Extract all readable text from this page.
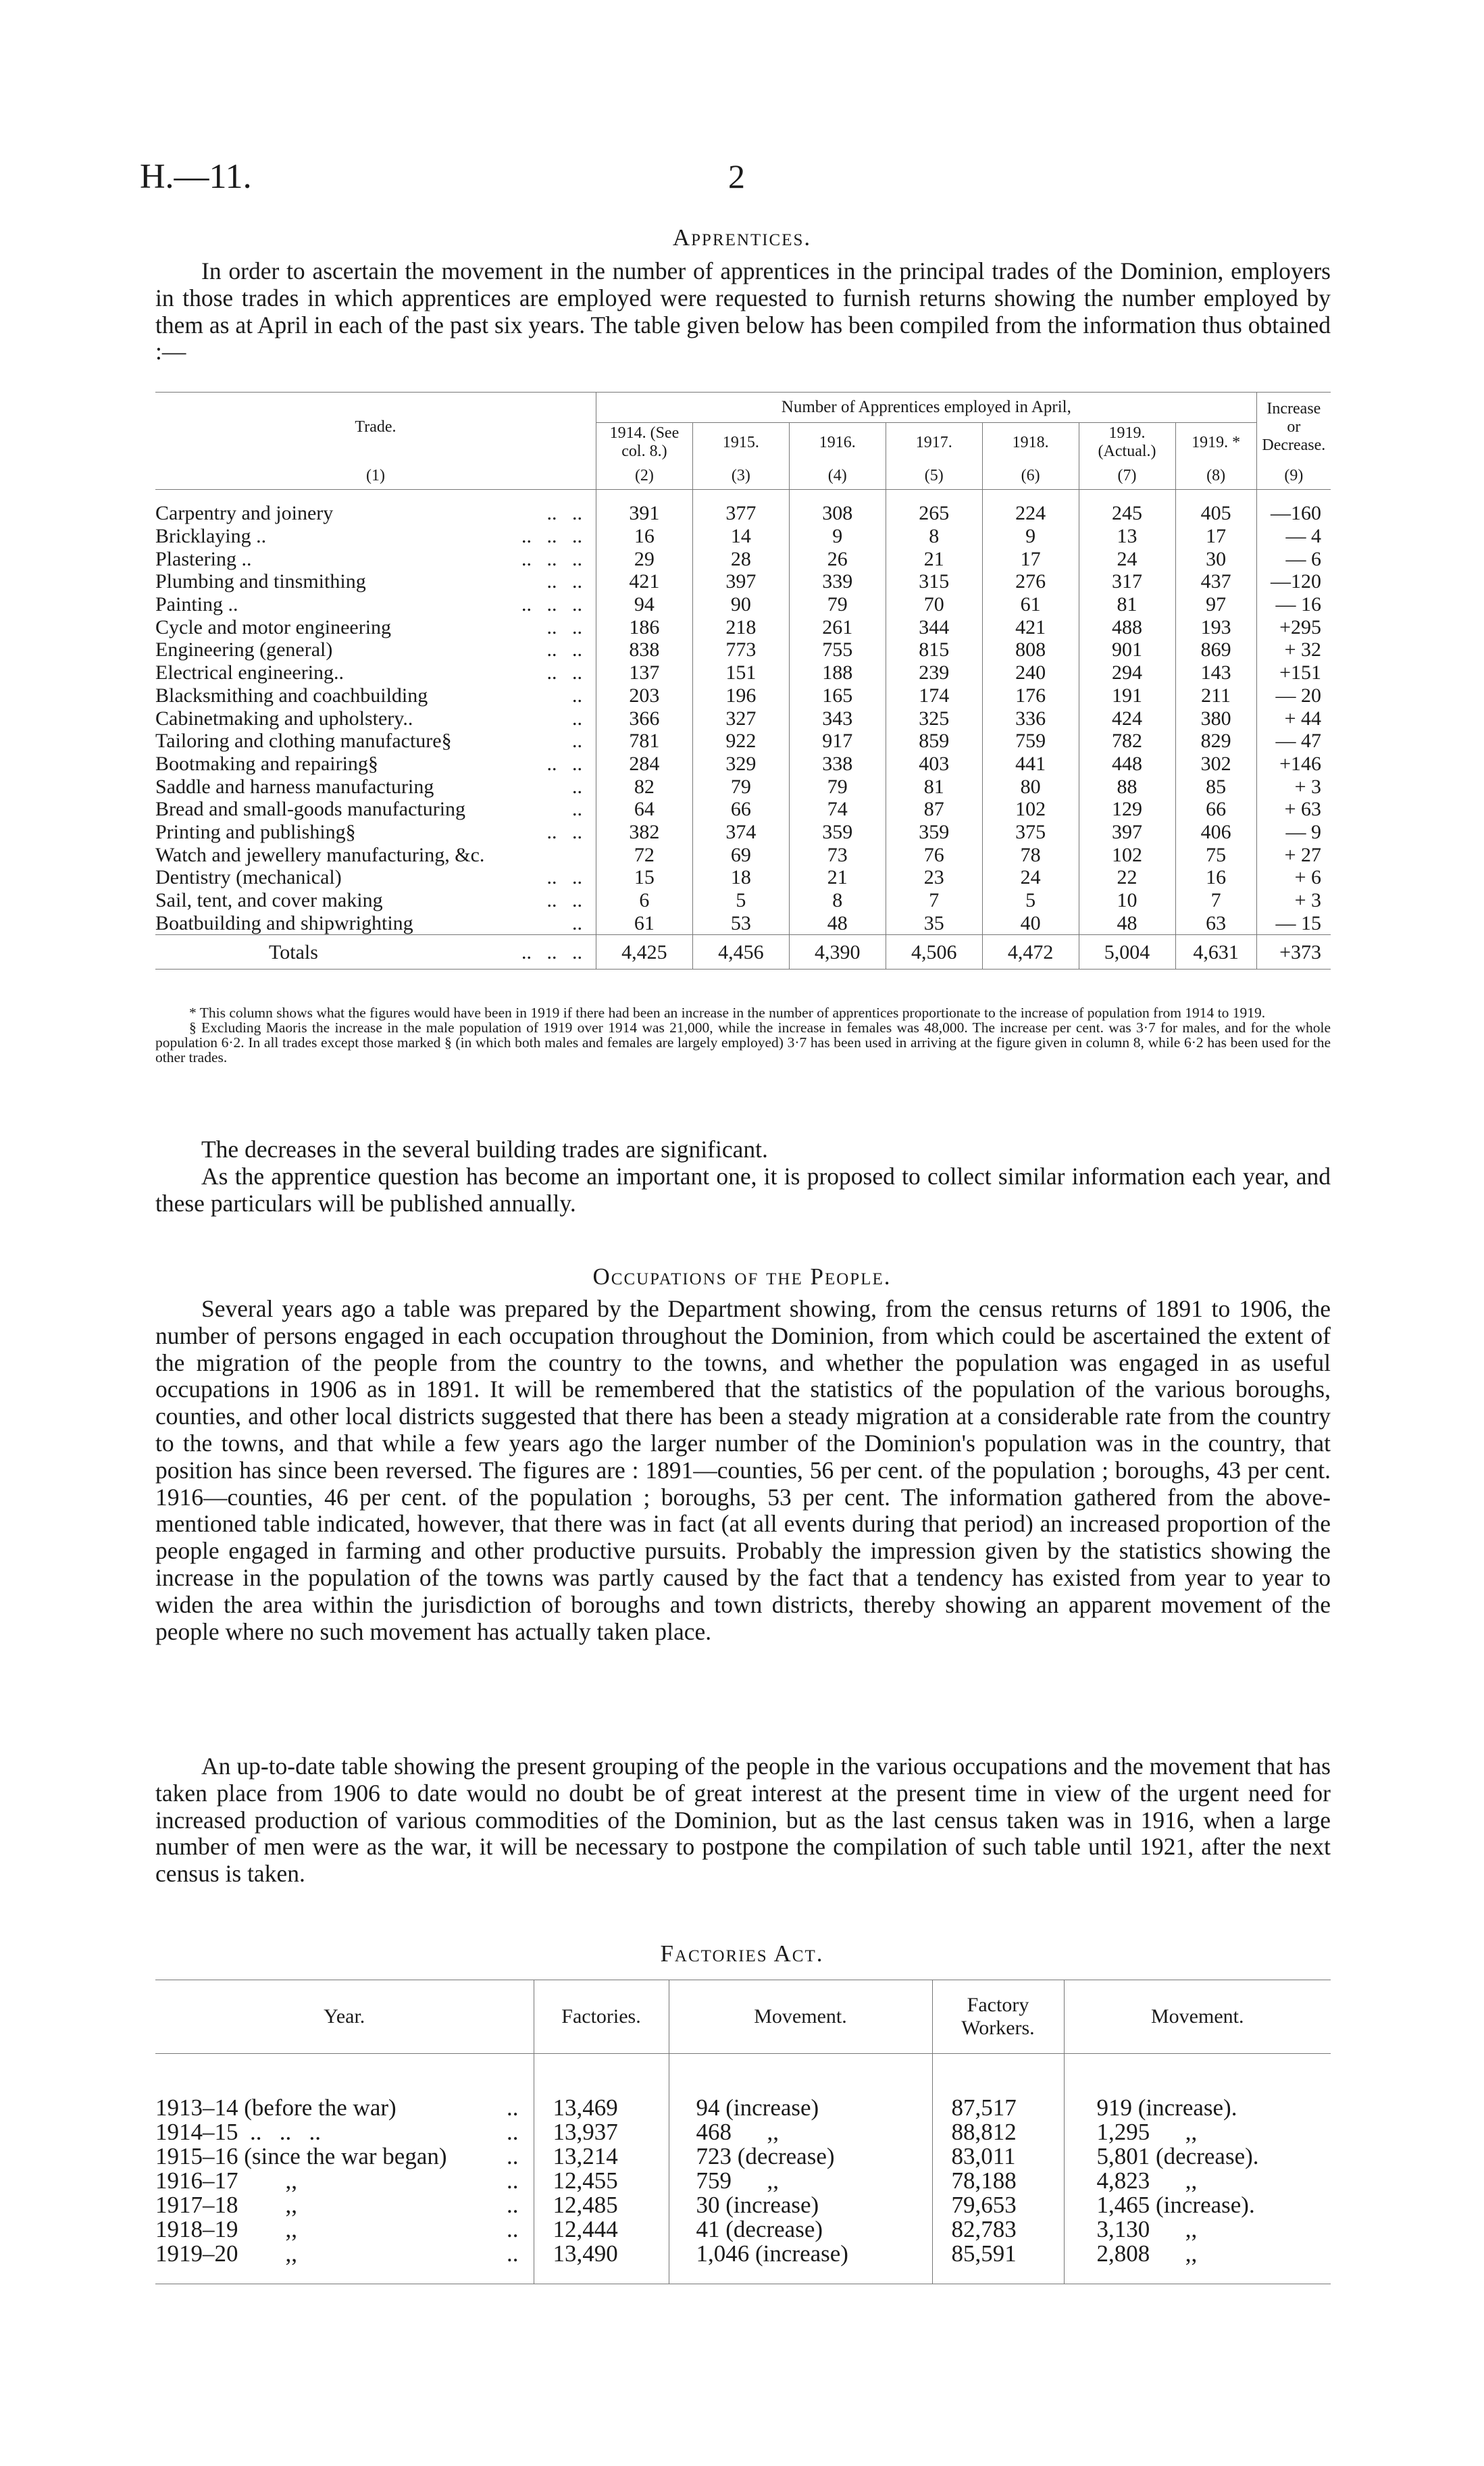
H.—11.	2
Apprentices.

In order to ascertain the movement in the number of apprentices in the principal trades of the Dominion, employers in those trades in which apprentices are employed were requested to furnish returns showing the number employed by them as at April in each of the past six years. The table given below has been compiled from the information thus obtained :—

Trade.	Number of Apprentices employed in April,							Increase or Decrease.
	1914. (See col. 8.)	1915.	1916.	1917.	1918.	1919. (Actual.)	1919. *	
(1)	(2)	(3)	(4)	(5)	(6)	(7)	(8)	(9)
Carpentry and joinery ..   ..	391	377	308	265	224	245	405	—160
Bricklaying .. ..   ..   ..	16	14	9	8	9	13	17	— 4
Plastering .. ..   ..   ..	29	28	26	21	17	24	30	— 6
Plumbing and tinsmithing ..   ..	421	397	339	315	276	317	437	—120
Painting .. ..   ..   ..	94	90	79	70	61	81	97	— 16
Cycle and motor engineering ..   ..	186	218	261	344	421	488	193	+295
Engineering (general) ..   ..	838	773	755	815	808	901	869	+ 32
Electrical engineering.. ..   ..	137	151	188	239	240	294	143	+151
Blacksmithing and coachbuilding ..	203	196	165	174	176	191	211	— 20
Cabinetmaking and upholstery.. ..	366	327	343	325	336	424	380	+ 44
Tailoring and clothing manufacture§ ..	781	922	917	859	759	782	829	— 47
Bootmaking and repairing§ ..   ..	284	329	338	403	441	448	302	+146
Saddle and harness manufacturing ..	82	79	79	81	80	88	85	+ 3
Bread and small-goods manufacturing ..	64	66	74	87	102	129	66	+ 63
Printing and publishing§ ..   ..	382	374	359	359	375	397	406	— 9
Watch and jewellery manufacturing, &c.	72	69	73	76	78	102	75	+ 27
Dentistry (mechanical) ..   ..	15	18	21	23	24	22	16	+ 6
Sail, tent, and cover making ..   ..	6	5	8	7	5	10	7	+ 3
Boatbuilding and shipwrighting ..	61	53	48	35	40	48	63	— 15
Totals ..   ..   ..	4,425	4,456	4,390	4,506	4,472	5,004	4,631	+373

* This column shows what the figures would have been in 1919 if there had been an increase in the number of apprentices proportionate to the increase of population from 1914 to 1919.

§ Excluding Maoris the increase in the male population of 1919 over 1914 was 21,000, while the increase in females was 48,000. The increase per cent. was 3·7 for males, and for the whole population 6·2. In all trades except those marked § (in which both males and females are largely employed) 3·7 has been used in arriving at the figure given in column 8, while 6·2 has been used for the other trades.

The decreases in the several building trades are significant.

As the apprentice question has become an important one, it is proposed to collect similar information each year, and these particulars will be published annually.

Occupations of the People.

Several years ago a table was prepared by the Department showing, from the census returns of 1891 to 1906, the number of persons engaged in each occupation throughout the Dominion, from which could be ascertained the extent of the migration of the people from the country to the towns, and whether the population was engaged in as useful occupations in 1906 as in 1891. It will be remembered that the statistics of the population of the various boroughs, counties, and other local districts suggested that there has been a steady migration at a considerable rate from the country to the towns, and that while a few years ago the larger number of the Dominion's population was in the country, that position has since been reversed. The figures are : 1891—counties, 56 per cent. of the population ; boroughs, 43 per cent. 1916—counties, 46 per cent. of the population ; boroughs, 53 per cent. The information gathered from the above-mentioned table indicated, however, that there was in fact (at all events during that period) an increased proportion of the people engaged in farming and other productive pursuits. Probably the impression given by the statistics showing the increase in the population of the towns was partly caused by the fact that a tendency has existed from year to year to widen the area within the jurisdiction of boroughs and town districts, thereby showing an apparent movement of the people where no such movement has actually taken place.

An up-to-date table showing the present grouping of the people in the various occupations and the movement that has taken place from 1906 to date would no doubt be of great interest at the present time in view of the urgent need for increased production of various commodities of the Dominion, but as the last census taken was in 1916, when a large number of men were as the war, it will be necessary to postpone the compilation of such table until 1921, after the next census is taken.

Factories Act.
Year.	Factories.	Movement.	Factory Workers.	Movement.
1913–14 (before the war) ..	13,469	94 (increase)	87,517	919 (increase).
1914–15  ..   ..   .. ..	13,937	468      ,,	88,812	1,295      ,,
1915–16 (since the war began) ..	13,214	723 (decrease)	83,011	5,801 (decrease).
1916–17        ,, ..	12,455	759      ,,	78,188	4,823      ,,
1917–18        ,, ..	12,485	30 (increase)	79,653	1,465 (increase).
1918–19        ,, ..	12,444	41 (decrease)	82,783	3,130      ,,
1919–20        ,, ..	13,490	1,046 (increase)	85,591	2,808      ,,
